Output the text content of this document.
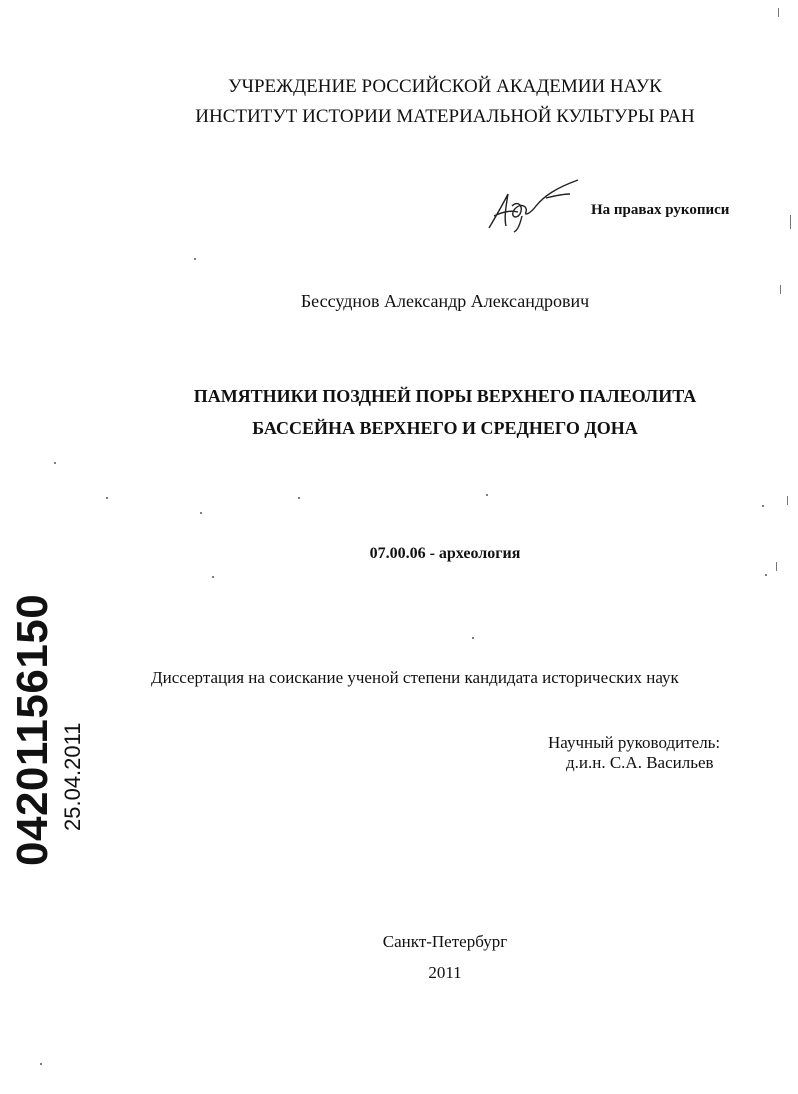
УЧРЕЖДЕНИЕ РОССИЙСКОЙ АКАДЕМИИ НАУК
ИНСТИТУТ ИСТОРИИ МАТЕРИАЛЬНОЙ КУЛЬТУРЫ РАН
На правах рукописи
Бессуднов Александр Александрович
ПАМЯТНИКИ ПОЗДНЕЙ ПОРЫ ВЕРХНЕГО ПАЛЕОЛИТА
БАССЕЙНА ВЕРХНЕГО И СРЕДНЕГО ДОНА
07.00.06 - археология
Диссертация на соискание ученой степени кандидата исторических наук
Научный руководитель:
д.и.н. С.А. Васильев
Санкт-Петербург
2011
04201156150 25.04.2011
